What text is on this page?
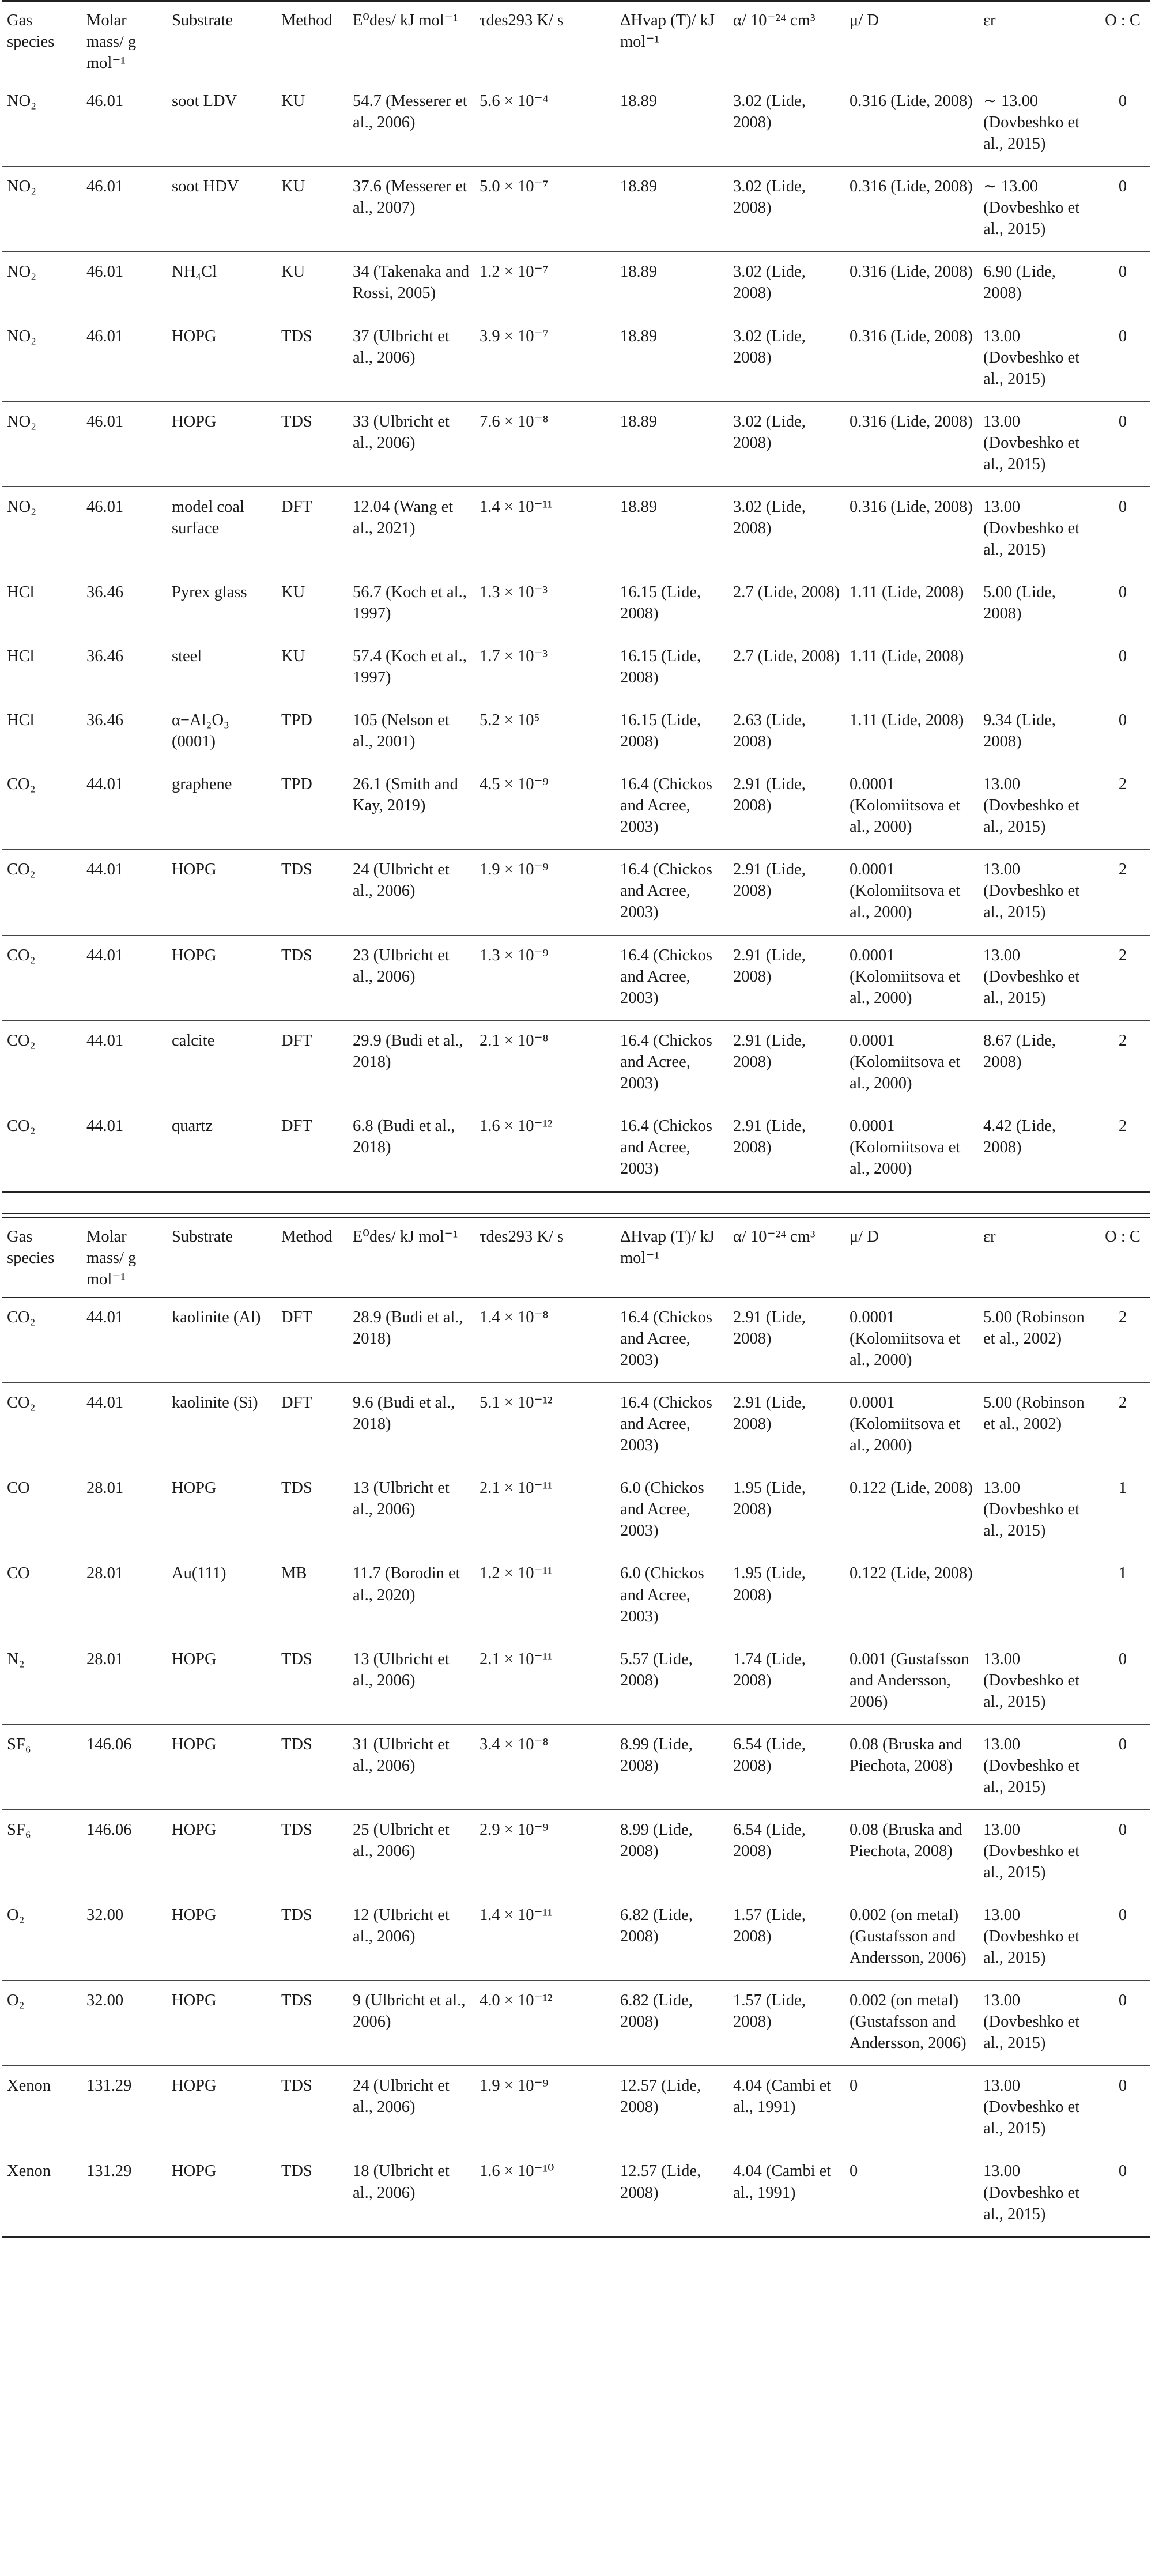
Gas species	Molar mass/ g mol⁻¹	Substrate	Method	E⁰des/ kJ mol⁻¹	τdes293 K/ s	ΔHvap (T)/ kJ mol⁻¹	α/ 10⁻²⁴ cm³	μ/ D	εr	O : C
NO₂	46.01	soot LDV	KU	54.7 (Messerer et al., 2006)	5.6 × 10⁻⁴	18.89	3.02 (Lide, 2008)	0.316 (Lide, 2008)	∼ 13.00 (Dovbeshko et al., 2015)	0
NO₂	46.01	soot HDV	KU	37.6 (Messerer et al., 2007)	5.0 × 10⁻⁷	18.89	3.02 (Lide, 2008)	0.316 (Lide, 2008)	∼ 13.00 (Dovbeshko et al., 2015)	0
NO₂	46.01	NH₄Cl	KU	34 (Takenaka and Rossi, 2005)	1.2 × 10⁻⁷	18.89	3.02 (Lide, 2008)	0.316 (Lide, 2008)	6.90 (Lide, 2008)	0
NO₂	46.01	HOPG	TDS	37 (Ulbricht et al., 2006)	3.9 × 10⁻⁷	18.89	3.02 (Lide, 2008)	0.316 (Lide, 2008)	13.00 (Dovbeshko et al., 2015)	0
NO₂	46.01	HOPG	TDS	33 (Ulbricht et al., 2006)	7.6 × 10⁻⁸	18.89	3.02 (Lide, 2008)	0.316 (Lide, 2008)	13.00 (Dovbeshko et al., 2015)	0
NO₂	46.01	model coal surface	DFT	12.04 (Wang et al., 2021)	1.4 × 10⁻¹¹	18.89	3.02 (Lide, 2008)	0.316 (Lide, 2008)	13.00 (Dovbeshko et al., 2015)	0
HCl	36.46	Pyrex glass	KU	56.7 (Koch et al., 1997)	1.3 × 10⁻³	16.15 (Lide, 2008)	2.7 (Lide, 2008)	1.11 (Lide, 2008)	5.00 (Lide, 2008)	0
HCl	36.46	steel	KU	57.4 (Koch et al., 1997)	1.7 × 10⁻³	16.15 (Lide, 2008)	2.7 (Lide, 2008)	1.11 (Lide, 2008)		0
HCl	36.46	α−Al₂O₃ (0001)	TPD	105 (Nelson et al., 2001)	5.2 × 10⁵	16.15 (Lide, 2008)	2.63 (Lide, 2008)	1.11 (Lide, 2008)	9.34 (Lide, 2008)	0
CO₂	44.01	graphene	TPD	26.1 (Smith and Kay, 2019)	4.5 × 10⁻⁹	16.4 (Chickos and Acree, 2003)	2.91 (Lide, 2008)	0.0001 (Kolomiitsova et al., 2000)	13.00 (Dovbeshko et al., 2015)	2
CO₂	44.01	HOPG	TDS	24 (Ulbricht et al., 2006)	1.9 × 10⁻⁹	16.4 (Chickos and Acree, 2003)	2.91 (Lide, 2008)	0.0001 (Kolomiitsova et al., 2000)	13.00 (Dovbeshko et al., 2015)	2
CO₂	44.01	HOPG	TDS	23 (Ulbricht et al., 2006)	1.3 × 10⁻⁹	16.4 (Chickos and Acree, 2003)	2.91 (Lide, 2008)	0.0001 (Kolomiitsova et al., 2000)	13.00 (Dovbeshko et al., 2015)	2
CO₂	44.01	calcite	DFT	29.9 (Budi et al., 2018)	2.1 × 10⁻⁸	16.4 (Chickos and Acree, 2003)	2.91 (Lide, 2008)	0.0001 (Kolomiitsova et al., 2000)	8.67 (Lide, 2008)	2
CO₂	44.01	quartz	DFT	6.8 (Budi et al., 2018)	1.6 × 10⁻¹²	16.4 (Chickos and Acree, 2003)	2.91 (Lide, 2008)	0.0001 (Kolomiitsova et al., 2000)	4.42 (Lide, 2008)	2
Gas species	Molar mass/ g mol⁻¹	Substrate	Method	E⁰des/ kJ mol⁻¹	τdes293 K/ s	ΔHvap (T)/ kJ mol⁻¹	α/ 10⁻²⁴ cm³	μ/ D	εr	O : C
CO₂	44.01	kaolinite (Al)	DFT	28.9 (Budi et al., 2018)	1.4 × 10⁻⁸	16.4 (Chickos and Acree, 2003)	2.91 (Lide, 2008)	0.0001 (Kolomiitsova et al., 2000)	5.00 (Robinson et al., 2002)	2
CO₂	44.01	kaolinite (Si)	DFT	9.6 (Budi et al., 2018)	5.1 × 10⁻¹²	16.4 (Chickos and Acree, 2003)	2.91 (Lide, 2008)	0.0001 (Kolomiitsova et al., 2000)	5.00 (Robinson et al., 2002)	2
CO	28.01	HOPG	TDS	13 (Ulbricht et al., 2006)	2.1 × 10⁻¹¹	6.0 (Chickos and Acree, 2003)	1.95 (Lide, 2008)	0.122 (Lide, 2008)	13.00 (Dovbeshko et al., 2015)	1
CO	28.01	Au(111)	MB	11.7 (Borodin et al., 2020)	1.2 × 10⁻¹¹	6.0 (Chickos and Acree, 2003)	1.95 (Lide, 2008)	0.122 (Lide, 2008)		1
N₂	28.01	HOPG	TDS	13 (Ulbricht et al., 2006)	2.1 × 10⁻¹¹	5.57 (Lide, 2008)	1.74 (Lide, 2008)	0.001 (Gustafsson and Andersson, 2006)	13.00 (Dovbeshko et al., 2015)	0
SF₆	146.06	HOPG	TDS	31 (Ulbricht et al., 2006)	3.4 × 10⁻⁸	8.99 (Lide, 2008)	6.54 (Lide, 2008)	0.08 (Bruska and Piechota, 2008)	13.00 (Dovbeshko et al., 2015)	0
SF₆	146.06	HOPG	TDS	25 (Ulbricht et al., 2006)	2.9 × 10⁻⁹	8.99 (Lide, 2008)	6.54 (Lide, 2008)	0.08 (Bruska and Piechota, 2008)	13.00 (Dovbeshko et al., 2015)	0
O₂	32.00	HOPG	TDS	12 (Ulbricht et al., 2006)	1.4 × 10⁻¹¹	6.82 (Lide, 2008)	1.57 (Lide, 2008)	0.002 (on metal) (Gustafsson and Andersson, 2006)	13.00 (Dovbeshko et al., 2015)	0
O₂	32.00	HOPG	TDS	9 (Ulbricht et al., 2006)	4.0 × 10⁻¹²	6.82 (Lide, 2008)	1.57 (Lide, 2008)	0.002 (on metal) (Gustafsson and Andersson, 2006)	13.00 (Dovbeshko et al., 2015)	0
Xenon	131.29	HOPG	TDS	24 (Ulbricht et al., 2006)	1.9 × 10⁻⁹	12.57 (Lide, 2008)	4.04 (Cambi et al., 1991)	0	13.00 (Dovbeshko et al., 2015)	0
Xenon	131.29	HOPG	TDS	18 (Ulbricht et al., 2006)	1.6 × 10⁻¹⁰	12.57 (Lide, 2008)	4.04 (Cambi et al., 1991)	0	13.00 (Dovbeshko et al., 2015)	0
